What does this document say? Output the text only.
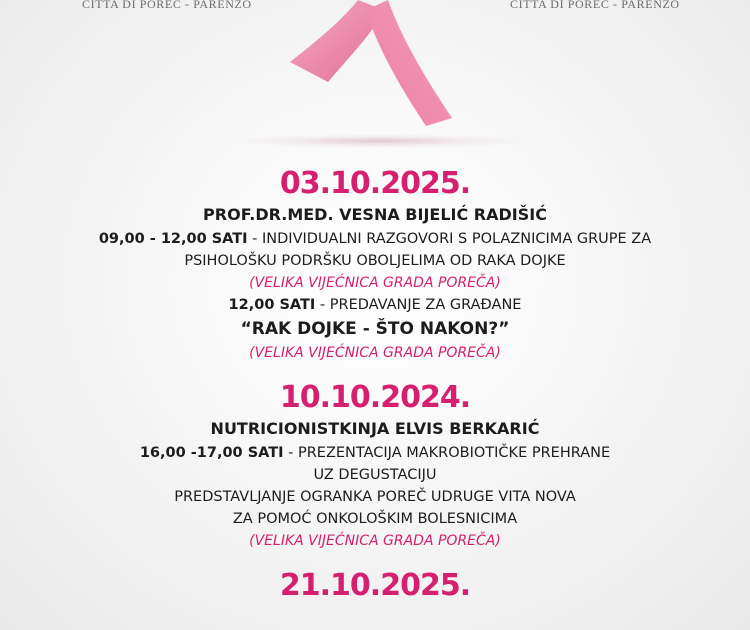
CITTA DI POREC - PARENZO	CITTA DI POREC - PARENZO

03.10.2025.

PROF.DR.MED. VESNA BIJELIĆ RADIŠIĆ

09,00 - 12,00 SATI - INDIVIDUALNI RAZGOVORI S POLAZNICIMA GRUPE ZA

PSIHOLOŠKU PODRŠKU OBOLJELIMA OD RAKA DOJKE

(VELIKA VIJEĆNICA GRADA POREČA)

12,00 SATI - PREDAVANJE ZA GRAĐANE

“RAK DOJKE - ŠTO NAKON?”

(VELIKA VIJEĆNICA GRADA POREČA)

10.10.2024.

NUTRICIONISTKINJA ELVIS BERKARIĆ

16,00 -17,00 SATI - PREZENTACIJA MAKROBIOTIČKE PREHRANE

UZ DEGUSTACIJU

PREDSTAVLJANJE OGRANKA POREČ UDRUGE VITA NOVA

ZA POMOĆ ONKOLOŠKIM BOLESNICIMA

(VELIKA VIJEĆNICA GRADA POREČA)

21.10.2025.
